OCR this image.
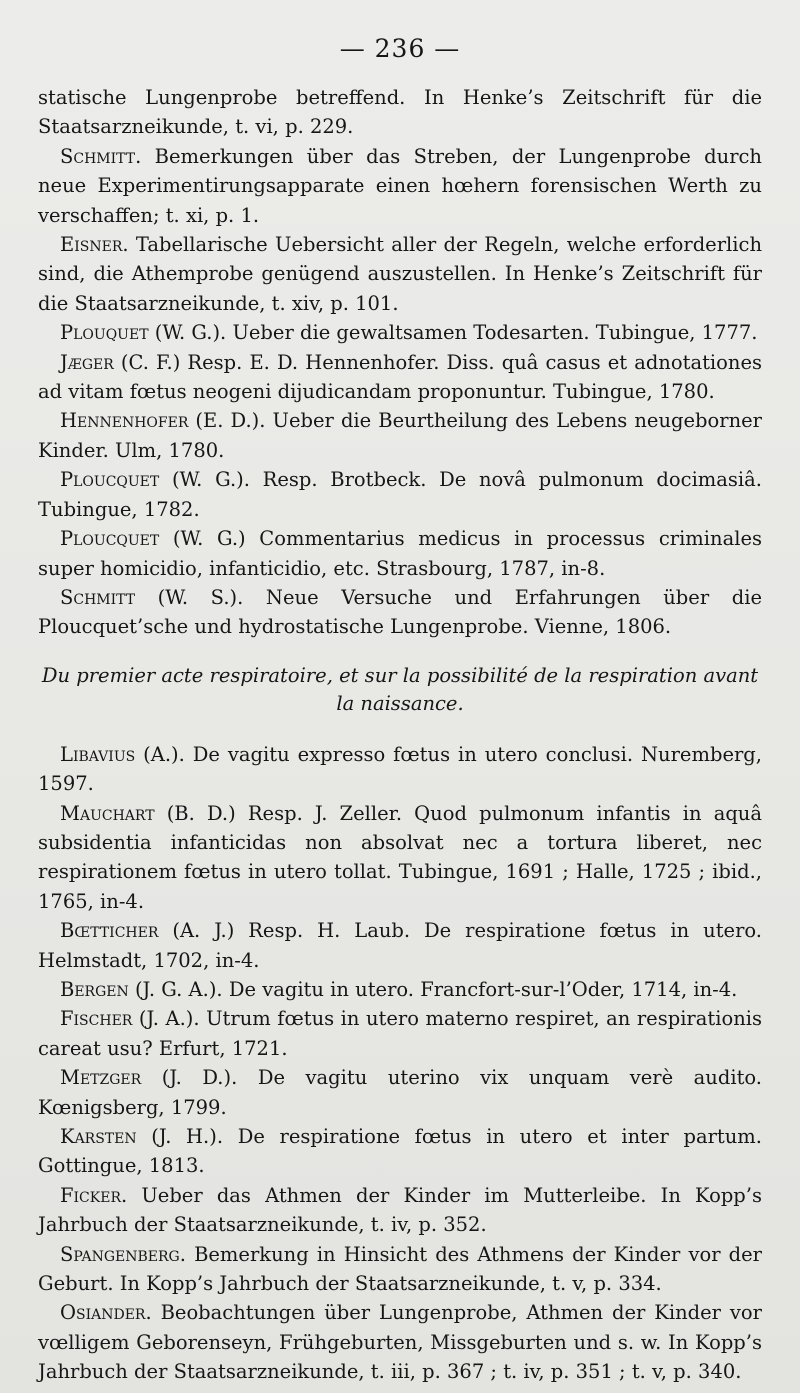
— 236 —

statische Lungenprobe betreffend. In Henke’s Zeitschrift für die Staatsarzneikunde, t. vi, p. 229.

Schmitt. Bemerkungen über das Streben, der Lungenprobe durch neue Experimentirungsapparate einen hœhern forensischen Werth zu verschaffen; t. xi, p. 1.

Eisner. Tabellarische Uebersicht aller der Regeln, welche erforderlich sind, die Athemprobe genügend auszustellen. In Henke’s Zeitschrift für die Staatsarzneikunde, t. xiv, p. 101.

Plouquet (W. G.). Ueber die gewaltsamen Todesarten. Tubingue, 1777.

Jæger (C. F.) Resp. E. D. Hennenhofer. Diss. quâ casus et adnotationes ad vitam fœtus neogeni dijudicandam proponuntur. Tubingue, 1780.

Hennenhofer (E. D.). Ueber die Beurtheilung des Lebens neugeborner Kinder. Ulm, 1780.

Ploucquet (W. G.). Resp. Brotbeck. De novâ pulmonum docimasiâ. Tubingue, 1782.

Ploucquet (W. G.) Commentarius medicus in processus criminales super homicidio, infanticidio, etc. Strasbourg, 1787, in-8.

Schmitt (W. S.). Neue Versuche und Erfahrungen über die Ploucquet’sche und hydrostatische Lungenprobe. Vienne, 1806.

Du premier acte respiratoire, et sur la possibilité de la respiration avant la naissance.

Libavius (A.). De vagitu expresso fœtus in utero conclusi. Nuremberg, 1597.

Mauchart (B. D.) Resp. J. Zeller. Quod pulmonum infantis in aquâ subsidentia infanticidas non absolvat nec a tortura liberet, nec respirationem fœtus in utero tollat. Tubingue, 1691 ; Halle, 1725 ; ibid., 1765, in-4.

Bœtticher (A. J.) Resp. H. Laub. De respiratione fœtus in utero. Helmstadt, 1702, in-4.

Bergen (J. G. A.). De vagitu in utero. Francfort-sur-l’Oder, 1714, in-4.

Fischer (J. A.). Utrum fœtus in utero materno respiret, an respirationis careat usu? Erfurt, 1721.

Metzger (J. D.). De vagitu uterino vix unquam verè audito. Kœnigsberg, 1799.

Karsten (J. H.). De respiratione fœtus in utero et inter partum. Gottingue, 1813.

Ficker. Ueber das Athmen der Kinder im Mutterleibe. In Kopp’s Jahrbuch der Staatsarzneikunde, t. iv, p. 352.

Spangenberg. Bemerkung in Hinsicht des Athmens der Kinder vor der Geburt. In Kopp’s Jahrbuch der Staatsarzneikunde, t. v, p. 334.

Osiander. Beobachtungen über Lungenprobe, Athmen der Kinder vor vœlligem Geborenseyn, Frühgeburten, Missgeburten und s. w. In Kopp’s Jahrbuch der Staatsarzneikunde, t. iii, p. 367 ; t. iv, p. 351 ; t. v, p. 340.
